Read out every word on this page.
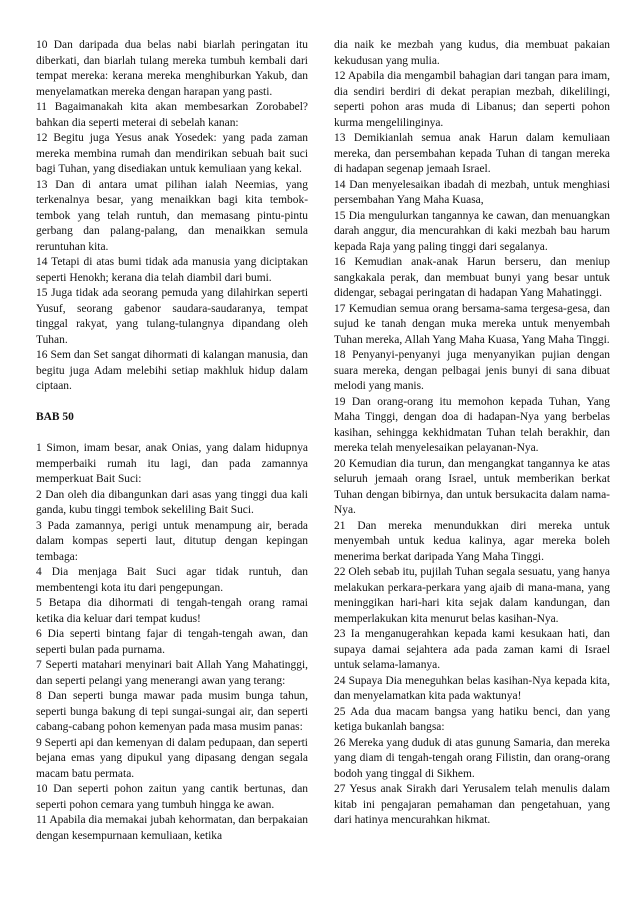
10 Dan daripada dua belas nabi biarlah peringatan itu diberkati, dan biarlah tulang mereka tumbuh kembali dari tempat mereka: kerana mereka menghiburkan Yakub, dan menyelamatkan mereka dengan harapan yang pasti.

11 Bagaimanakah kita akan membesarkan Zorobabel? bahkan dia seperti meterai di sebelah kanan:

12 Begitu juga Yesus anak Yosedek: yang pada zaman mereka membina rumah dan mendirikan sebuah bait suci bagi Tuhan, yang disediakan untuk kemuliaan yang kekal.

13 Dan di antara umat pilihan ialah Neemias, yang terkenalnya besar, yang menaikkan bagi kita tembok-tembok yang telah runtuh, dan memasang pintu-pintu gerbang dan palang-palang, dan menaikkan semula reruntuhan kita.

14 Tetapi di atas bumi tidak ada manusia yang diciptakan seperti Henokh; kerana dia telah diambil dari bumi.

15 Juga tidak ada seorang pemuda yang dilahirkan seperti Yusuf, seorang gabenor saudara-saudaranya, tempat tinggal rakyat, yang tulang-tulangnya dipandang oleh Tuhan.

16 Sem dan Set sangat dihormati di kalangan manusia, dan begitu juga Adam melebihi setiap makhluk hidup dalam ciptaan.

BAB 50

1 Simon, imam besar, anak Onias, yang dalam hidupnya memperbaiki rumah itu lagi, dan pada zamannya memperkuat Bait Suci:

2 Dan oleh dia dibangunkan dari asas yang tinggi dua kali ganda, kubu tinggi tembok sekeliling Bait Suci.

3 Pada zamannya, perigi untuk menampung air, berada dalam kompas seperti laut, ditutup dengan kepingan tembaga:

4 Dia menjaga Bait Suci agar tidak runtuh, dan membentengi kota itu dari pengepungan.

5 Betapa dia dihormati di tengah-tengah orang ramai ketika dia keluar dari tempat kudus!

6 Dia seperti bintang fajar di tengah-tengah awan, dan seperti bulan pada purnama.

7 Seperti matahari menyinari bait Allah Yang Mahatinggi, dan seperti pelangi yang menerangi awan yang terang:

8 Dan seperti bunga mawar pada musim bunga tahun, seperti bunga bakung di tepi sungai-sungai air, dan seperti cabang-cabang pohon kemenyan pada masa musim panas:

9 Seperti api dan kemenyan di dalam pedupaan, dan seperti bejana emas yang dipukul yang dipasang dengan segala macam batu permata.

10 Dan seperti pohon zaitun yang cantik bertunas, dan seperti pohon cemara yang tumbuh hingga ke awan.

11 Apabila dia memakai jubah kehormatan, dan berpakaian dengan kesempurnaan kemuliaan, ketika

dia naik ke mezbah yang kudus, dia membuat pakaian kekudusan yang mulia.

12 Apabila dia mengambil bahagian dari tangan para imam, dia sendiri berdiri di dekat perapian mezbah, dikelilingi, seperti pohon aras muda di Libanus; dan seperti pohon kurma mengelilinginya.

13 Demikianlah semua anak Harun dalam kemuliaan mereka, dan persembahan kepada Tuhan di tangan mereka di hadapan segenap jemaah Israel.

14 Dan menyelesaikan ibadah di mezbah, untuk menghiasi persembahan Yang Maha Kuasa,

15 Dia mengulurkan tangannya ke cawan, dan menuangkan darah anggur, dia mencurahkan di kaki mezbah bau harum kepada Raja yang paling tinggi dari segalanya.

16 Kemudian anak-anak Harun berseru, dan meniup sangkakala perak, dan membuat bunyi yang besar untuk didengar, sebagai peringatan di hadapan Yang Mahatinggi.

17 Kemudian semua orang bersama-sama tergesa-gesa, dan sujud ke tanah dengan muka mereka untuk menyembah Tuhan mereka, Allah Yang Maha Kuasa, Yang Maha Tinggi.

18 Penyanyi-penyanyi juga menyanyikan pujian dengan suara mereka, dengan pelbagai jenis bunyi di sana dibuat melodi yang manis.

19 Dan orang-orang itu memohon kepada Tuhan, Yang Maha Tinggi, dengan doa di hadapan-Nya yang berbelas kasihan, sehingga kekhidmatan Tuhan telah berakhir, dan mereka telah menyelesaikan pelayanan-Nya.

20 Kemudian dia turun, dan mengangkat tangannya ke atas seluruh jemaah orang Israel, untuk memberikan berkat Tuhan dengan bibirnya, dan untuk bersukacita dalam nama-Nya.

21 Dan mereka menundukkan diri mereka untuk menyembah untuk kedua kalinya, agar mereka boleh menerima berkat daripada Yang Maha Tinggi.

22 Oleh sebab itu, pujilah Tuhan segala sesuatu, yang hanya melakukan perkara-perkara yang ajaib di mana-mana, yang meninggikan hari-hari kita sejak dalam kandungan, dan memperlakukan kita menurut belas kasihan-Nya.

23 Ia menganugerahkan kepada kami kesukaan hati, dan supaya damai sejahtera ada pada zaman kami di Israel untuk selama-lamanya.

24 Supaya Dia meneguhkan belas kasihan-Nya kepada kita, dan menyelamatkan kita pada waktunya!

25 Ada dua macam bangsa yang hatiku benci, dan yang ketiga bukanlah bangsa:

26 Mereka yang duduk di atas gunung Samaria, dan mereka yang diam di tengah-tengah orang Filistin, dan orang-orang bodoh yang tinggal di Sikhem.

27 Yesus anak Sirakh dari Yerusalem telah menulis dalam kitab ini pengajaran pemahaman dan pengetahuan, yang dari hatinya mencurahkan hikmat.
